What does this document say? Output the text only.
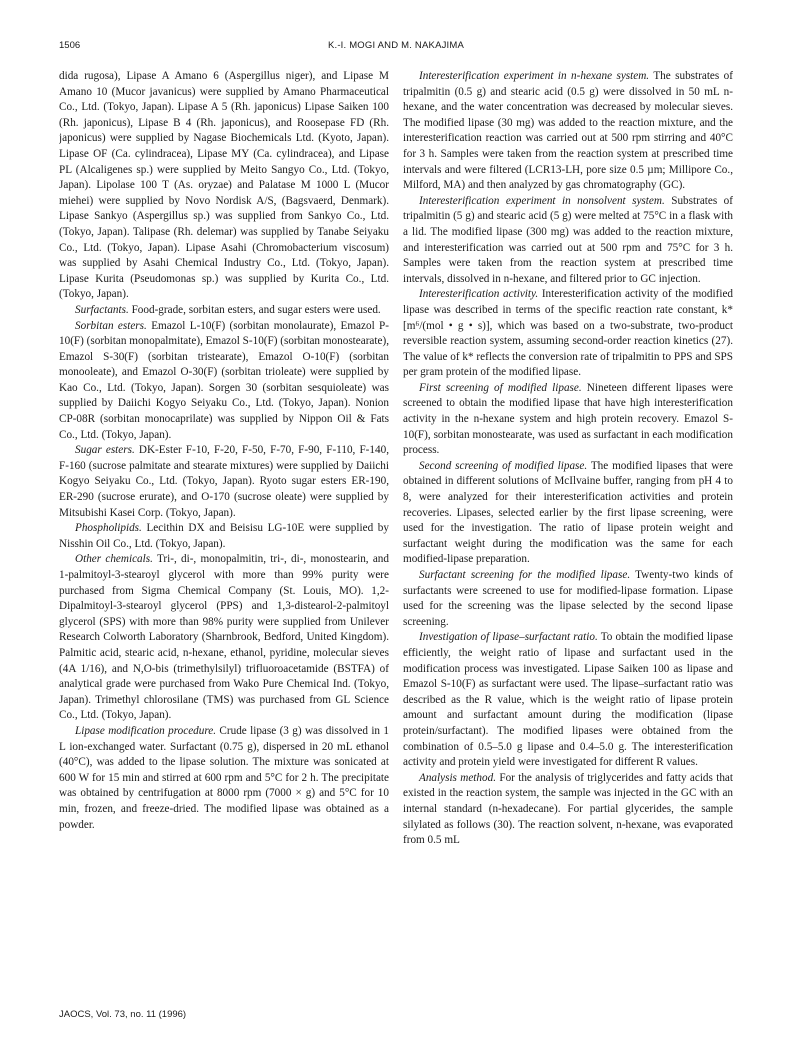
1506	K.-I. MOGI AND M. NAKAJIMA

dida rugosa), Lipase A Amano 6 (Aspergillus niger), and Lipase M Amano 10 (Mucor javanicus) were supplied by Amano Pharmaceutical Co., Ltd. (Tokyo, Japan). Lipase A 5 (Rh. japonicus) Lipase Saiken 100 (Rh. japonicus), Lipase B 4 (Rh. japonicus), and Roosepase FD (Rh. japonicus) were supplied by Nagase Biochemicals Ltd. (Kyoto, Japan). Lipase OF (Ca. cylindracea), Lipase MY (Ca. cylindracea), and Lipase PL (Alcaligenes sp.) were supplied by Meito Sangyo Co., Ltd. (Tokyo, Japan). Lipolase 100 T (As. oryzae) and Palatase M 1000 L (Mucor miehei) were supplied by Novo Nordisk A/S, (Bagsvaerd, Denmark). Lipase Sankyo (Aspergillus sp.) was supplied from Sankyo Co., Ltd. (Tokyo, Japan). Talipase (Rh. delemar) was supplied by Tanabe Seiyaku Co., Ltd. (Tokyo, Japan). Lipase Asahi (Chromobacterium viscosum) was supplied by Asahi Chemical Industry Co., Ltd. (Tokyo, Japan). Lipase Kurita (Pseudomonas sp.) was supplied by Kurita Co., Ltd. (Tokyo, Japan).

Surfactants. Food-grade, sorbitan esters, and sugar esters were used.

Sorbitan esters. Emazol L-10(F) (sorbitan monolaurate), Emazol P-10(F) (sorbitan monopalmitate), Emazol S-10(F) (sorbitan monostearate), Emazol S-30(F) (sorbitan tristearate), Emazol O-10(F) (sorbitan monooleate), and Emazol O-30(F) (sorbitan trioleate) were supplied by Kao Co., Ltd. (Tokyo, Japan). Sorgen 30 (sorbitan sesquioleate) was supplied by Daiichi Kogyo Seiyaku Co., Ltd. (Tokyo, Japan). Nonion CP-08R (sorbitan monocaprilate) was supplied by Nippon Oil & Fats Co., Ltd. (Tokyo, Japan).

Sugar esters. DK-Ester F-10, F-20, F-50, F-70, F-90, F-110, F-140, F-160 (sucrose palmitate and stearate mixtures) were supplied by Daiichi Kogyo Seiyaku Co., Ltd. (Tokyo, Japan). Ryoto sugar esters ER-190, ER-290 (sucrose erurate), and O-170 (sucrose oleate) were supplied by Mitsubishi Kasei Corp. (Tokyo, Japan).

Phospholipids. Lecithin DX and Beisisu LG-10E were supplied by Nisshin Oil Co., Ltd. (Tokyo, Japan).

Other chemicals. Tri-, di-, monopalmitin, tri-, di-, monostearin, and 1-palmitoyl-3-stearoyl glycerol with more than 99% purity were purchased from Sigma Chemical Company (St. Louis, MO). 1,2-Dipalmitoyl-3-stearoyl glycerol (PPS) and 1,3-distearol-2-palmitoyl glycerol (SPS) with more than 98% purity were supplied from Unilever Research Colworth Laboratory (Sharnbrook, Bedford, United Kingdom). Palmitic acid, stearic acid, n-hexane, ethanol, pyridine, molecular sieves (4A 1/16), and N,O-bis (trimethylsilyl) trifluoroacetamide (BSTFA) of analytical grade were purchased from Wako Pure Chemical Ind. (Tokyo, Japan). Trimethyl chlorosilane (TMS) was purchased from GL Science Co., Ltd. (Tokyo, Japan).

Lipase modification procedure. Crude lipase (3 g) was dissolved in 1 L ion-exchanged water. Surfactant (0.75 g), dispersed in 20 mL ethanol (40°C), was added to the lipase solution. The mixture was sonicated at 600 W for 15 min and stirred at 600 rpm and 5°C for 2 h. The precipitate was obtained by centrifugation at 8000 rpm (7000 × g) and 5°C for 10 min, frozen, and freeze-dried. The modified lipase was obtained as a powder.

Interesterification experiment in n-hexane system. The substrates of tripalmitin (0.5 g) and stearic acid (0.5 g) were dissolved in 50 mL n-hexane, and the water concentration was decreased by molecular sieves. The modified lipase (30 mg) was added to the reaction mixture, and the interesterification reaction was carried out at 500 rpm stirring and 40°C for 3 h. Samples were taken from the reaction system at prescribed time intervals and were filtered (LCR13-LH, pore size 0.5 µm; Millipore Co., Milford, MA) and then analyzed by gas chromatography (GC).

Interesterification experiment in nonsolvent system. Substrates of tripalmitin (5 g) and stearic acid (5 g) were melted at 75°C in a flask with a lid. The modified lipase (300 mg) was added to the reaction mixture, and interesterification was carried out at 500 rpm and 75°C for 3 h. Samples were taken from the reaction system at prescribed time intervals, dissolved in n-hexane, and filtered prior to GC injection.

Interesterification activity. Interesterification activity of the modified lipase was described in terms of the specific reaction rate constant, k* [m⁶/(mol • g • s)], which was based on a two-substrate, two-product reversible reaction system, assuming second-order reaction kinetics (27). The value of k* reflects the conversion rate of tripalmitin to PPS and SPS per gram protein of the modified lipase.

First screening of modified lipase. Nineteen different lipases were screened to obtain the modified lipase that have high interesterification activity in the n-hexane system and high protein recovery. Emazol S-10(F), sorbitan monostearate, was used as surfactant in each modification process.

Second screening of modified lipase. The modified lipases that were obtained in different solutions of McIlvaine buffer, ranging from pH 4 to 8, were analyzed for their interesterification activities and protein recoveries. Lipases, selected earlier by the first lipase screening, were used for the investigation. The ratio of lipase protein weight and surfactant weight during the modification was the same for each modified-lipase preparation.

Surfactant screening for the modified lipase. Twenty-two kinds of surfactants were screened to use for modified-lipase formation. Lipase used for the screening was the lipase selected by the second lipase screening.

Investigation of lipase–surfactant ratio. To obtain the modified lipase efficiently, the weight ratio of lipase and surfactant used in the modification process was investigated. Lipase Saiken 100 as lipase and Emazol S-10(F) as surfactant were used. The lipase–surfactant ratio was described as the R value, which is the weight ratio of lipase protein amount and surfactant amount during the modification (lipase protein/surfactant). The modified lipases were obtained from the combination of 0.5–5.0 g lipase and 0.4–5.0 g. The interesterification activity and protein yield were investigated for different R values.

Analysis method. For the analysis of triglycerides and fatty acids that existed in the reaction system, the sample was injected in the GC with an internal standard (n-hexadecane). For partial glycerides, the sample silylated as follows (30). The reaction solvent, n-hexane, was evaporated from 0.5 mL

JAOCS, Vol. 73, no. 11 (1996)
